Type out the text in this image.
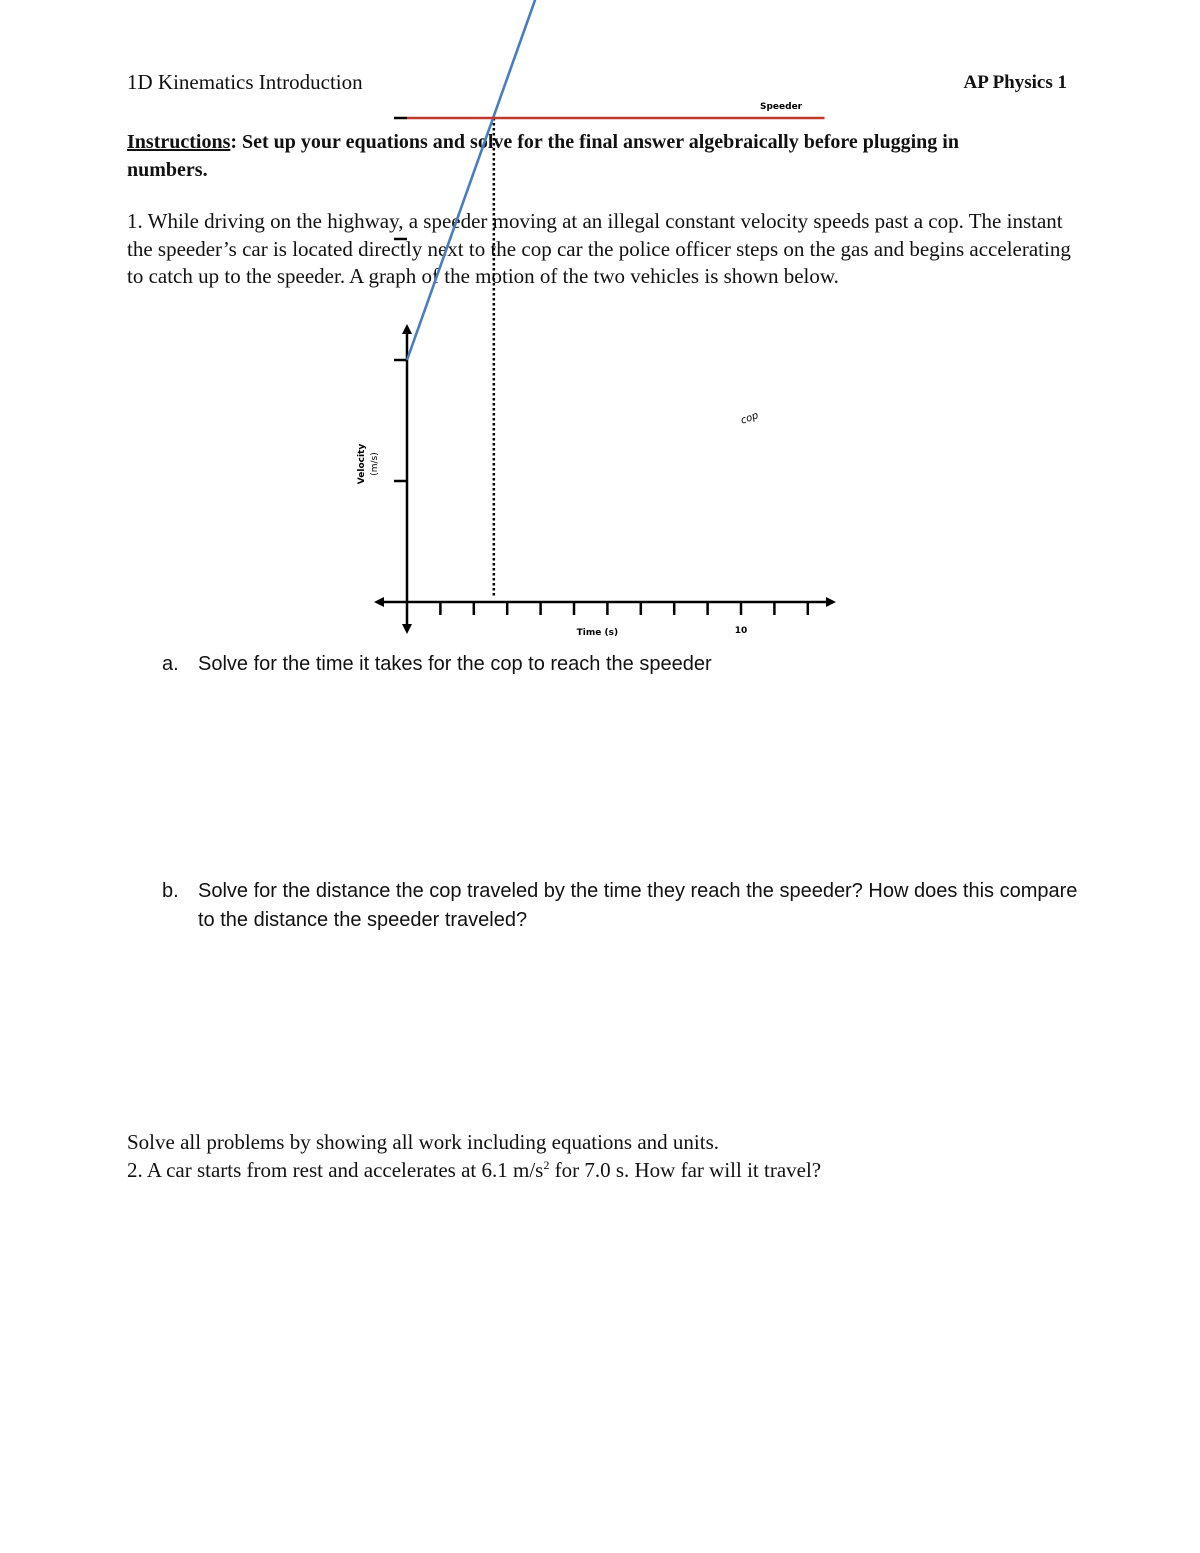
1D Kinematics Introduction	AP Physics 1
Instructions: Set up your equations and solve for the final answer algebraically before plugging in numbers.
1. While driving on the highway, a speeder moving at an illegal constant velocity speeds past a cop. The instant the speeder’s car is located directly next to the cop car the police officer steps on the gas and begins accelerating to catch up to the speeder. A graph of the motion of the two vehicles is shown below.
10
cop
Speeder
Time (s)
Velocity (m/s)
a. Solve for the time it takes for the cop to reach the speeder
b. Solve for the distance the cop traveled by the time they reach the speeder? How does this compare to the distance the speeder traveled?
Solve all problems by showing all work including equations and units.
2. A car starts from rest and accelerates at 6.1 $m/s^2$ for 7.0 s. How far will it travel?
